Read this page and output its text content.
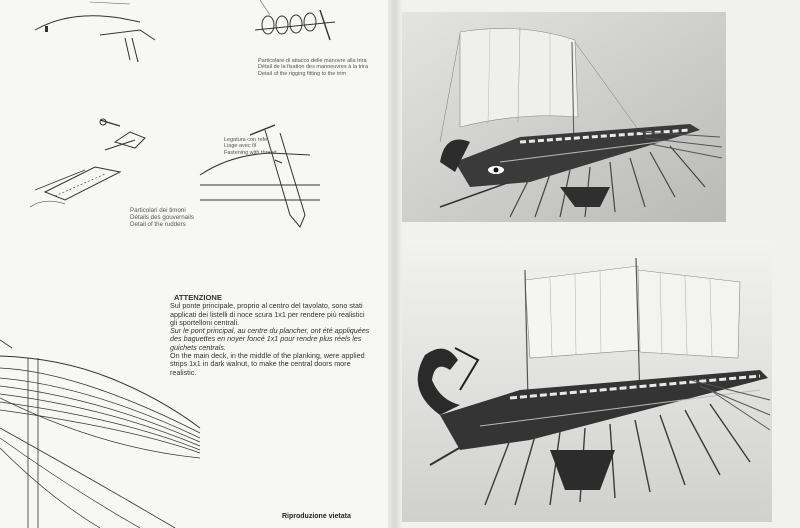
Particolare di attacco delle manovre alla trira
Détail de la fixation des manoeuvres à la trira
Detail of the rigging fitting to the trim
Legatura con refe
Liage avec fil
Fastening with thread
Particolari dei timoni
Détails des gouvernails
Detail of the rudders
ATTENZIONE
Sul ponte principale, proprio al centro del tavolato, sono stati applicati dei listelli di noce scura 1x1 per rendere più realistici gli sportelloni centrali.
Sur le pont principal, au centre du plancher, ont été appliquées des baguettes en noyer foncé 1x1 pour rendre plus réels les guichets centrals.
On the main deck, in the middle of the planking, were applied strips 1x1 in dark walnut, to make the central doors more realistic.
Riproduzione vietata
